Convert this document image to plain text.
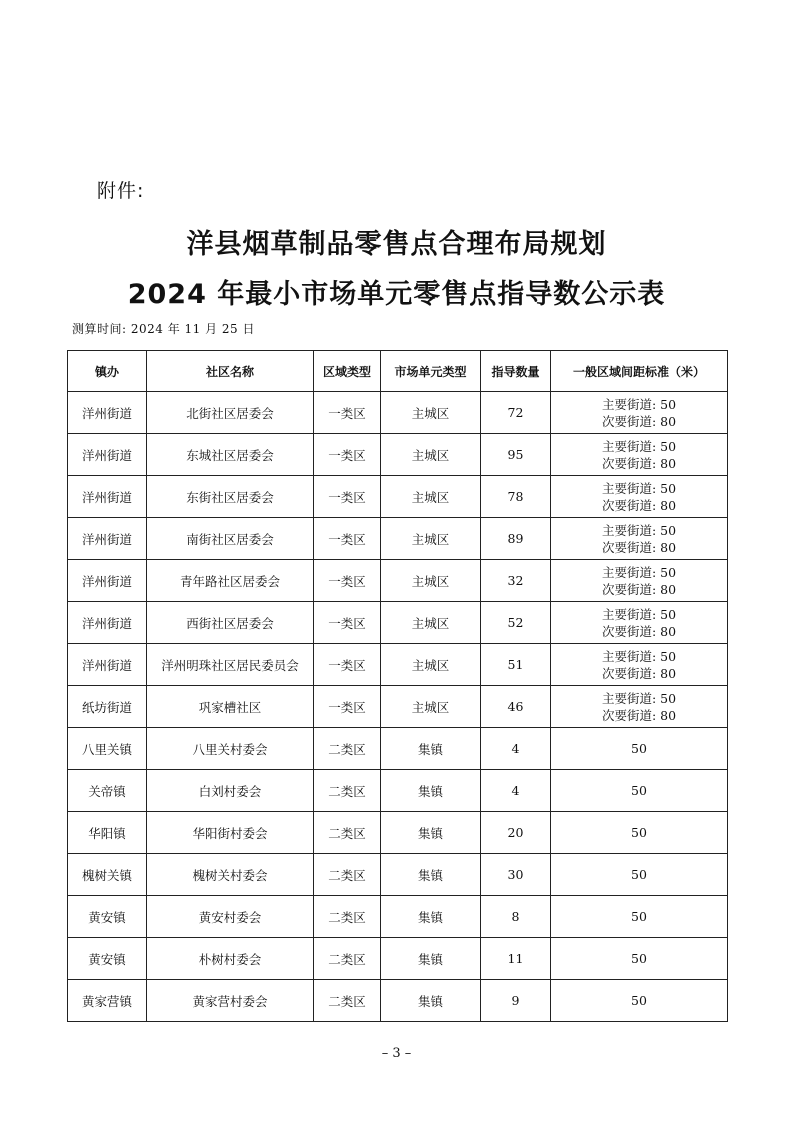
附件:
洋县烟草制品零售点合理布局规划
2024 年最小市场单元零售点指导数公示表
测算时间: 2024 年 11 月 25 日
镇办	社区名称	区域类型	市场单元类型	指导数量	一般区域间距标准（米）
洋州街道	北街社区居委会	一类区	主城区	72	主要街道: 50
次要街道: 80

洋州街道	东城社区居委会	一类区	主城区	95	主要街道: 50
次要街道: 80

洋州街道	东街社区居委会	一类区	主城区	78	主要街道: 50
次要街道: 80

洋州街道	南街社区居委会	一类区	主城区	89	主要街道: 50
次要街道: 80

洋州街道	青年路社区居委会	一类区	主城区	32	主要街道: 50
次要街道: 80

洋州街道	西街社区居委会	一类区	主城区	52	主要街道: 50
次要街道: 80

洋州街道	洋州明珠社区居民委员会	一类区	主城区	51	主要街道: 50
次要街道: 80

纸坊街道	巩家槽社区	一类区	主城区	46	主要街道: 50
次要街道: 80

八里关镇	八里关村委会	二类区	集镇	4	50
关帝镇	白刘村委会	二类区	集镇	4	50
华阳镇	华阳街村委会	二类区	集镇	20	50
槐树关镇	槐树关村委会	二类区	集镇	30	50
黄安镇	黄安村委会	二类区	集镇	8	50
黄安镇	朴树村委会	二类区	集镇	11	50
黄家营镇	黄家营村委会	二类区	集镇	9	50
– 3 –
